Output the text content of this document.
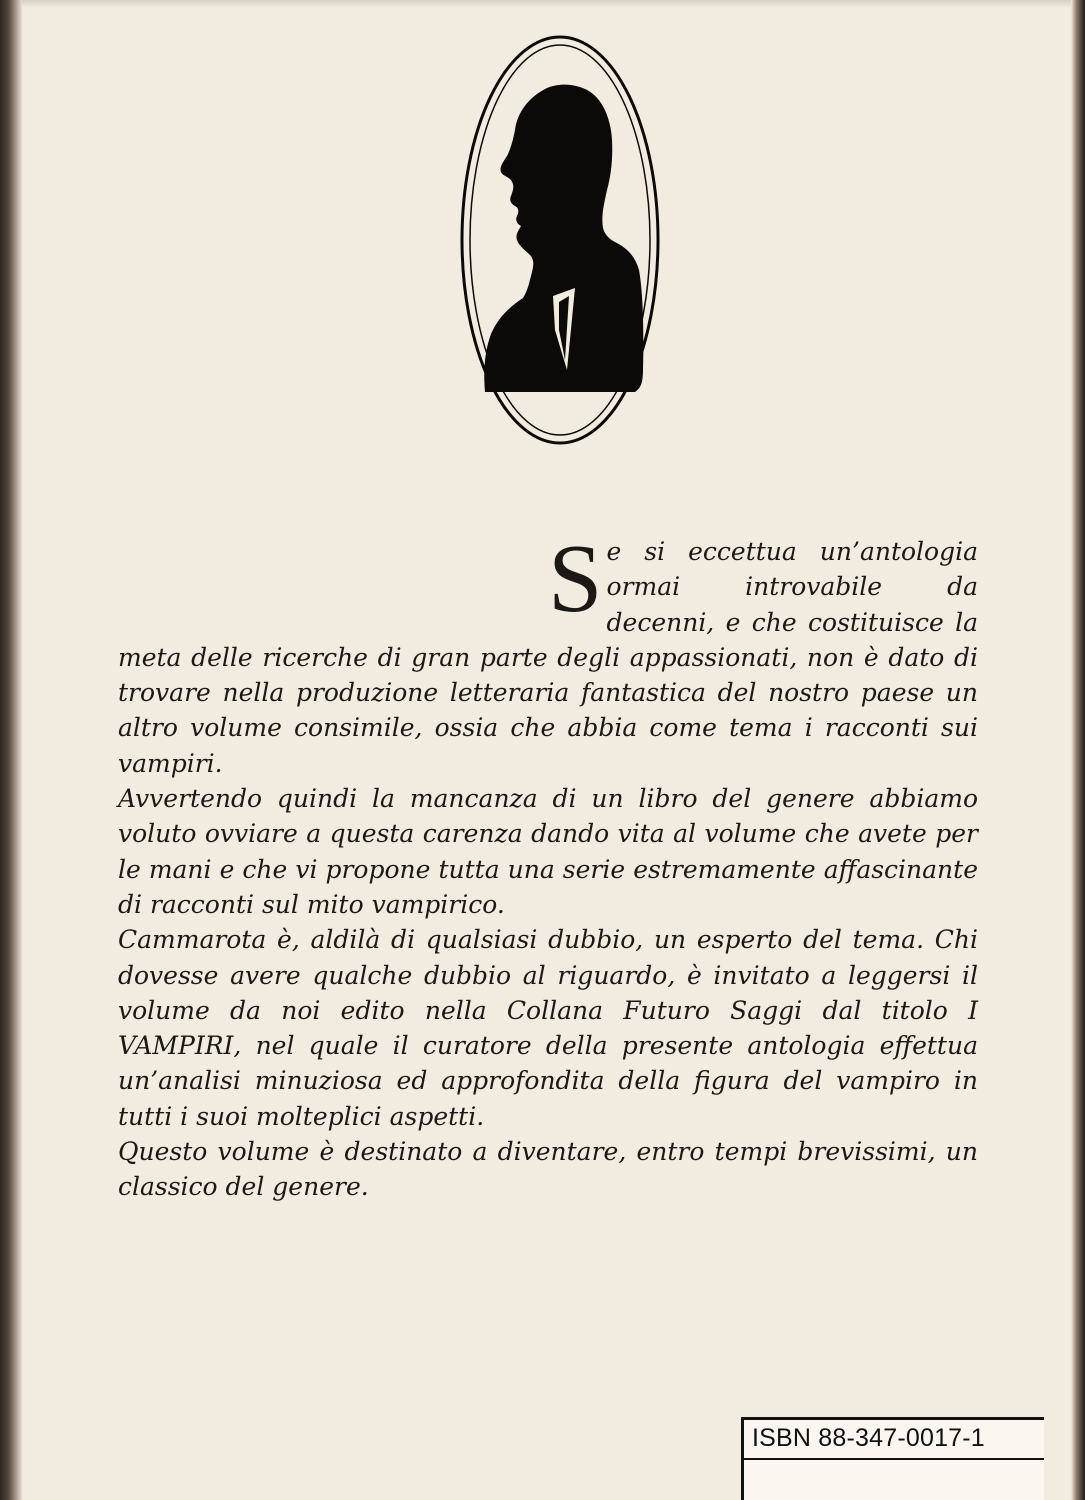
Se si eccettua un’antologia ormai introvabile da decenni, e che costituisce la meta delle ricerche di gran parte degli appassionati, non è dato di trovare nella produzione letteraria fantastica del nostro paese un altro volume consimile, ossia che abbia come tema i racconti sui vampiri.

Avvertendo quindi la mancanza di un libro del genere abbiamo voluto ovviare a questa carenza dando vita al volume che avete per le mani e che vi propone tutta una serie estremamente affascinante di racconti sul mito vampirico.

Cammarota è, aldilà di qualsiasi dubbio, un esperto del tema. Chi dovesse avere qualche dubbio al riguardo, è invitato a leggersi il volume da noi edito nella Collana Futuro Saggi dal titolo I VAMPIRI, nel quale il curatore della presente antologia effettua un’analisi minuziosa ed approfondita della figura del vampiro in tutti i suoi molteplici aspetti.

Questo volume è destinato a diventare, entro tempi brevissimi, un classico del genere.

ISBN 88-347-0017-1
